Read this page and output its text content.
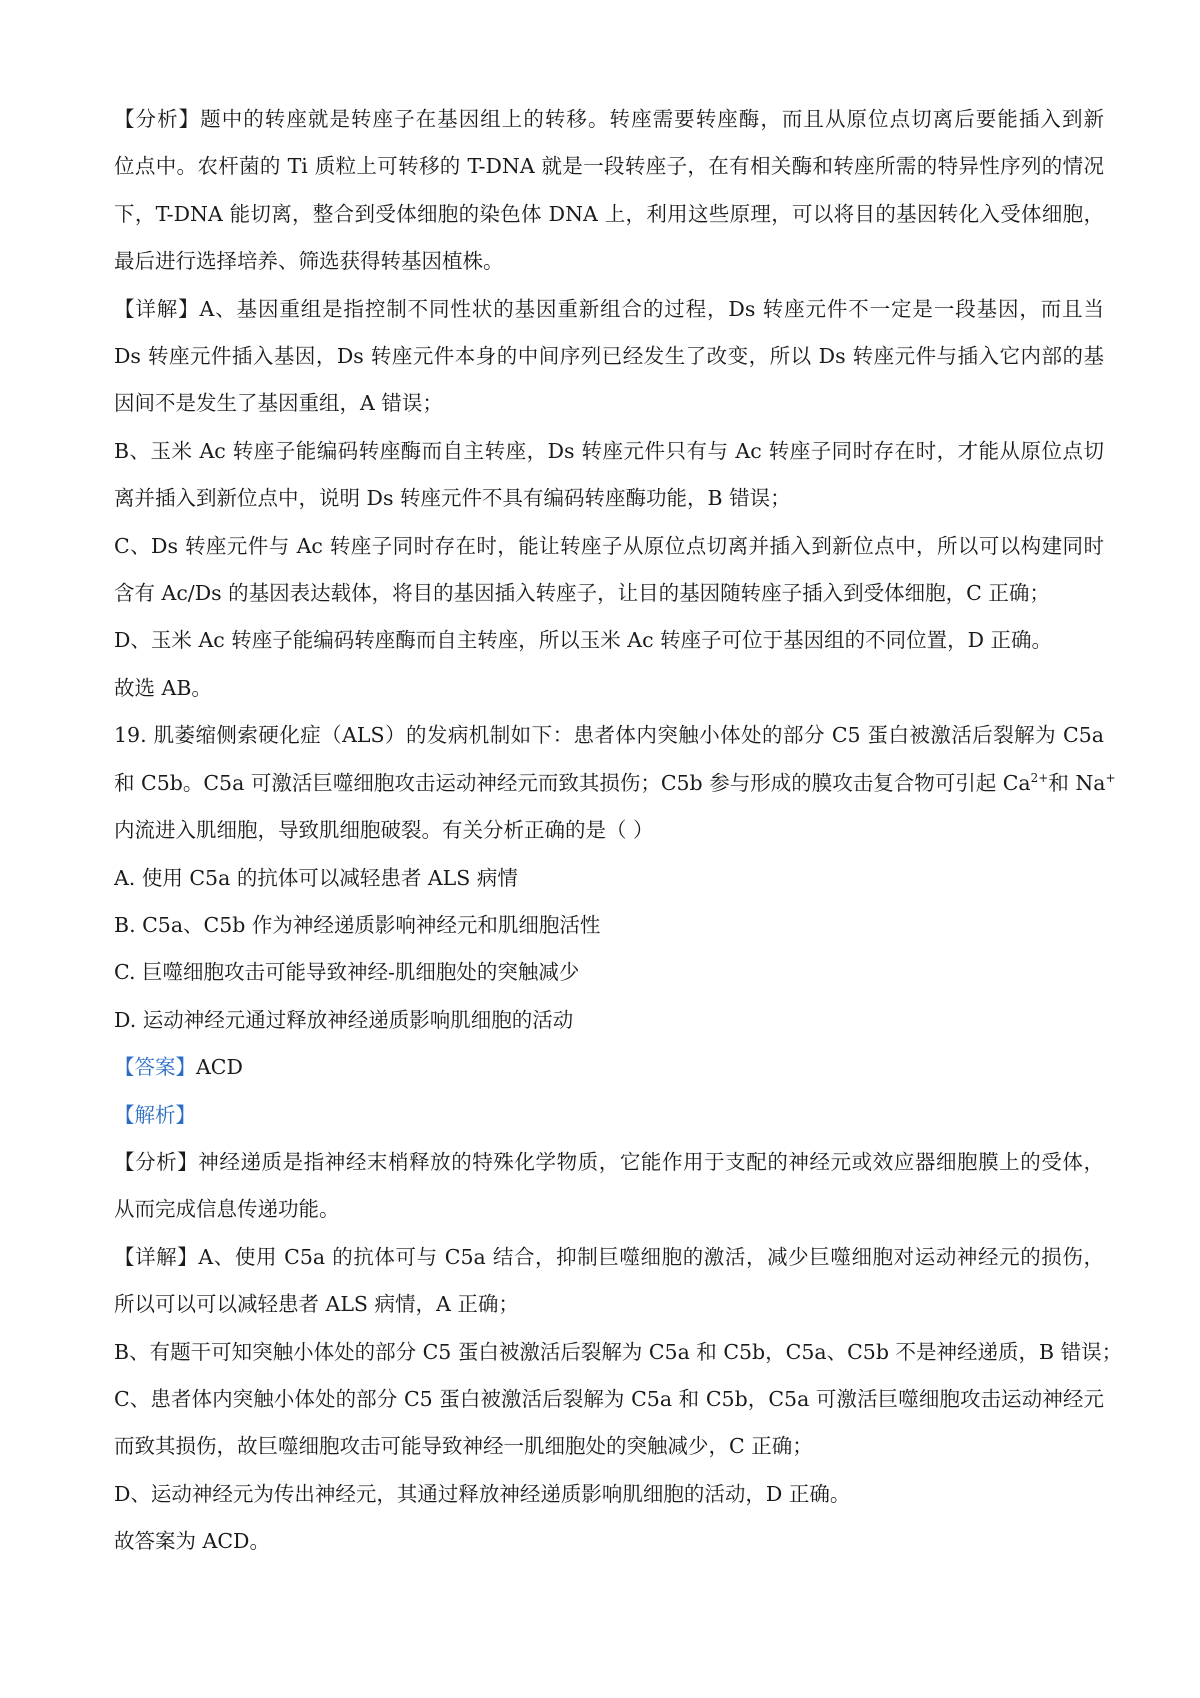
【分析】题中的转座就是转座子在基因组上的转移。转座需要转座酶，而且从原位点切离后要能插入到新
位点中。农杆菌的 Ti 质粒上可转移的 T-DNA 就是一段转座子，在有相关酶和转座所需的特异性序列的情况
下，T-DNA 能切离，整合到受体细胞的染色体 DNA 上，利用这些原理，可以将目的基因转化入受体细胞，
最后进行选择培养、筛选获得转基因植株。
【详解】A、基因重组是指控制不同性状的基因重新组合的过程，Ds 转座元件不一定是一段基因，而且当
Ds 转座元件插入基因，Ds 转座元件本身的中间序列已经发生了改变，所以 Ds 转座元件与插入它内部的基
因间不是发生了基因重组，A 错误；
B、玉米 Ac 转座子能编码转座酶而自主转座，Ds 转座元件只有与 Ac 转座子同时存在时，才能从原位点切
离并插入到新位点中，说明 Ds 转座元件不具有编码转座酶功能，B 错误；
C、Ds 转座元件与 Ac 转座子同时存在时，能让转座子从原位点切离并插入到新位点中，所以可以构建同时
含有 Ac/Ds 的基因表达载体，将目的基因插入转座子，让目的基因随转座子插入到受体细胞，C 正确；
D、玉米 Ac 转座子能编码转座酶而自主转座，所以玉米 Ac 转座子可位于基因组的不同位置，D 正确。
故选 AB。
19. 肌萎缩侧索硬化症（ALS）的发病机制如下：患者体内突触小体处的部分 C5 蛋白被激活后裂解为 C5a
和 C5b。C5a 可激活巨噬细胞攻击运动神经元而致其损伤；C5b 参与形成的膜攻击复合物可引起 $Ca^{2+}$和 Na+
内流进入肌细胞，导致肌细胞破裂。有关分析正确的是（ ）
A. 使用 C5a 的抗体可以减轻患者 ALS 病情
B. C5a、C5b 作为神经递质影响神经元和肌细胞活性
C. 巨噬细胞攻击可能导致神经-肌细胞处的突触减少
D. 运动神经元通过释放神经递质影响肌细胞的活动
【答案】ACD
【解析】
【分析】神经递质是指神经末梢释放的特殊化学物质，它能作用于支配的神经元或效应器细胞膜上的受体，
从而完成信息传递功能。
【详解】A、使用 C5a 的抗体可与 C5a 结合，抑制巨噬细胞的激活，减少巨噬细胞对运动神经元的损伤，
所以可以可以减轻患者 ALS 病情，A 正确；
B、有题干可知突触小体处的部分 C5 蛋白被激活后裂解为 C5a 和 C5b，C5a、C5b 不是神经递质，B 错误；
C、患者体内突触小体处的部分 C5 蛋白被激活后裂解为 C5a 和 C5b，C5a 可激活巨噬细胞攻击运动神经元
而致其损伤，故巨噬细胞攻击可能导致神经一肌细胞处的突触减少，C 正确；
D、运动神经元为传出神经元，其通过释放神经递质影响肌细胞的活动，D 正确。
故答案为 ACD。
